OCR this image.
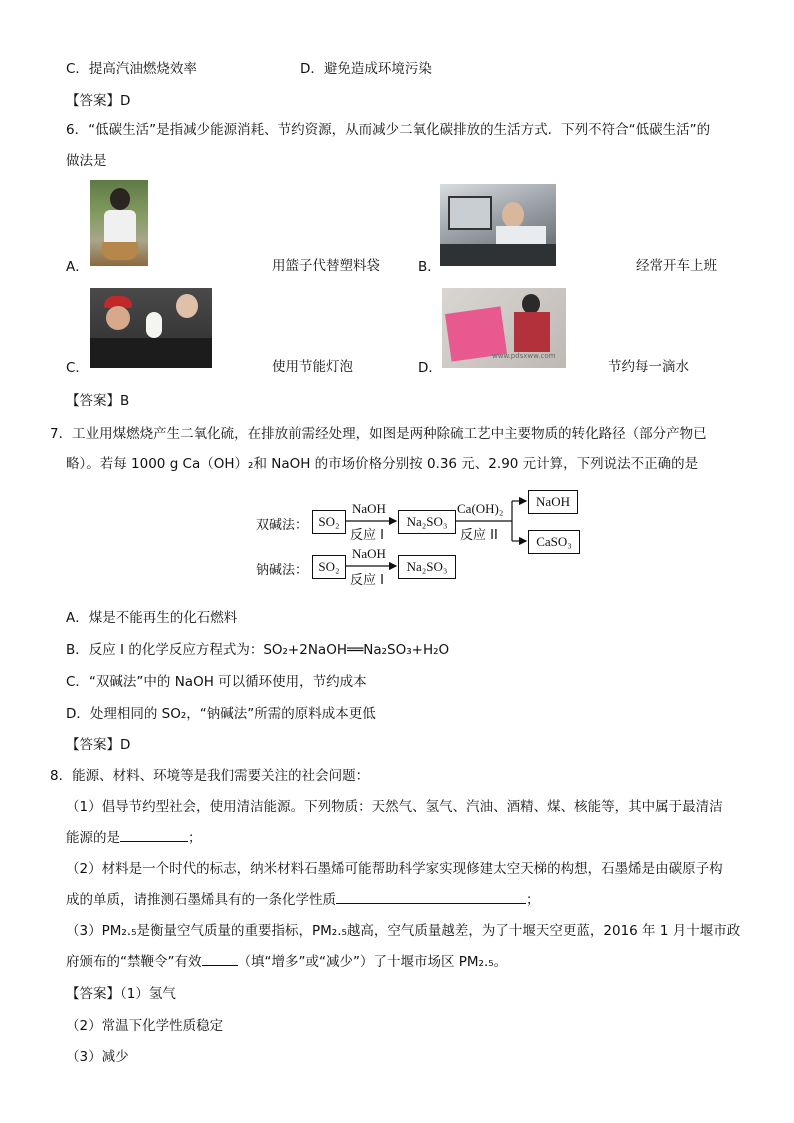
C．提高汽油燃烧效率	D．避免造成环境污染
【答案】D
6．“低碳生活”是指减少能源消耗、节约资源，从而减少二氧化碳排放的生活方式．下列不符合“低碳生活”的
做法是
A．	用篮子代替塑料袋	B．	经常开车上班
C．	使用节能灯泡
www.pdsxww.com
D．	节约每一滴水
【答案】B
7．工业用煤燃烧产生二氧化硫，在排放前需经处理，如图是两种除硫工艺中主要物质的转化路径（部分产物已
略）。若每 1000 g Ca（OH）₂和 NaOH 的市场价格分别按 0.36 元、2.90 元计算，下列说法不正确的是
双碱法： SO₂
NaOH
反应 I
Na₂SO₃
Ca(OH)₂
反应 II
NaOH
CaSO₃
钠碱法： SO₂
NaOH
反应 I
Na₂SO₃
A．煤是不能再生的化石燃料
B．反应 I 的化学反应方程式为：SO₂+2NaOH══Na₂SO₃+H₂O
C．“双碱法”中的 NaOH 可以循环使用，节约成本
D．处理相同的 SO₂，“钠碱法”所需的原料成本更低
【答案】D
8．能源、材料、环境等是我们需要关注的社会问题：
（1）倡导节约型社会，使用清洁能源。下列物质：天然气、氢气、汽油、酒精、煤、核能等，其中属于最清洁
能源的是	；
（2）材料是一个时代的标志，纳米材料石墨烯可能帮助科学家实现修建太空天梯的构想，石墨烯是由碳原子构
成的单质，请推测石墨烯具有的一条化学性质	；
（3）PM₂.₅是衡量空气质量的重要指标，PM₂.₅越高，空气质量越差，为了十堰天空更蓝，2016 年 1 月十堰市政
府颁布的“禁鞭令”有效	（填“增多”或“减少”）了十堰市场区 PM₂.₅。
【答案】（1）氢气
（2）常温下化学性质稳定
（3）减少
